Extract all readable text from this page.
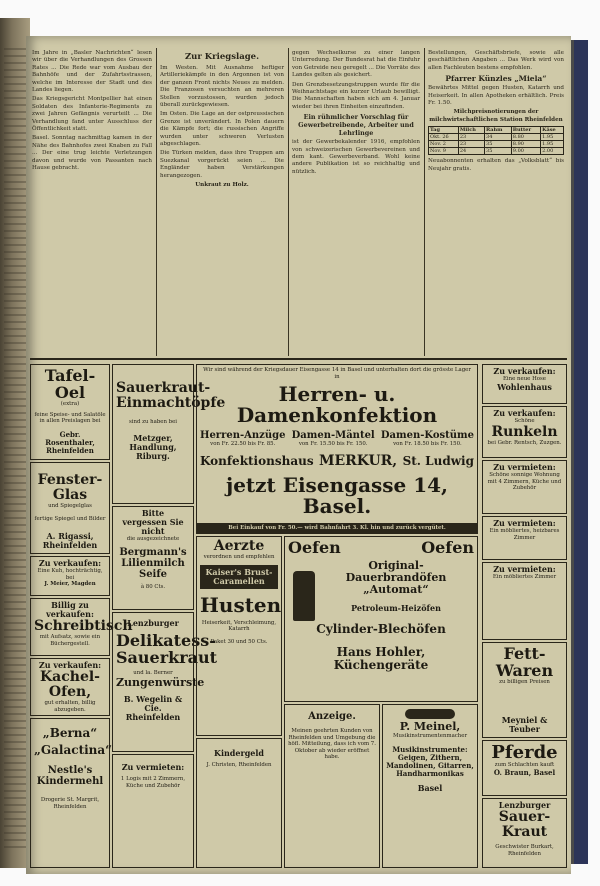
Im Jahre in „Basler Nachrichten“ lesen wir über die Verhandlungen des Grossen Rates ... Die Rede war vom Ausbau der Bahnhöfe und der Zufahrtsstrassen, welche im Interesse der Stadt und des Landes liegen.

Das Kriegsgericht Montpellier hat einen Soldaten des Infanterie-Regiments zu zwei Jahren Gefängnis verurteilt ... Die Verhandlung fand unter Ausschluss der Öffentlichkeit statt.

Basel. Sonntag nachmittag kamen in der Nähe des Bahnhofes zwei Knaben zu Fall ... Der eine trug leichte Verletzungen davon und wurde von Passanten nach Hause gebracht.

Zur Kriegslage.

Im Westen. Mit Ausnahme heftiger Artilleriekämpfe in den Argonnen ist von der ganzen Front nichts Neues zu melden. Die Franzosen versuchten an mehreren Stellen vorzustossen, wurden jedoch überall zurückgewiesen.

Im Osten. Die Lage an der ostpreussischen Grenze ist unverändert. In Polen dauern die Kämpfe fort; die russischen Angriffe wurden unter schweren Verlusten abgeschlagen.

Die Türken melden, dass ihre Truppen am Suezkanal vorgerückt seien ... Die Engländer haben Verstärkungen herangezogen.

Unkraut zu Holz.

gegen Wechselkurse zu einer langen Unterredung. Der Bundesrat hat die Einfuhr von Getreide neu geregelt ... Die Vorräte des Landes gelten als gesichert.

Den Grenzbesetzungstruppen wurde für die Weihnachtstage ein kurzer Urlaub bewilligt. Die Mannschaften haben sich am 4. Januar wieder bei ihren Einheiten einzufinden.

Ein rühmlicher Vorschlag für Gewerbetreibende, Arbeiter und Lehrlinge

ist der Gewerbekalender 1916, empfohlen von schweizerischen Gewerbevereinen und dem kant. Gewerbeverband. Wohl keine andere Publikation ist so reichhaltig und nützlich.

Bestellungen, Geschäftsbriefe, sowie alle geschäftlichen Angaben ... Das Werk wird von allen Fachleuten bestens empfohlen.

Pfarrer Künzles „Miela“

Bewährtes Mittel gegen Husten, Katarrh und Heiserkeit. In allen Apotheken erhältlich. Preis Fr. 1.50.

Milchpreisnotierungen der milchwirtschaftlichen Station Rheinfelden

Tag	Milch	Rahm	Butter	Käse
Okt. 26	23	34	8.80	1.95
Nov. 2	23	35	8.90	1.95
Nov. 9	24	35	9.00	2.00

Neuabonnenten erhalten das „Volksblatt“ bis Neujahr gratis.

Tafel-Oel
(extra)
feine Speise- und Salatöle in allen Preislagen bei
Gebr. Rosenthaler, Rheinfelden
Fenster-Glas
und Spiegelglas
fertige Spiegel und Bilder
A. Rigassi, Rheinfelden
Zu verkaufen:
Eine Kuh, hochträchtig, bei
J. Meier, Magden
Billig zu verkaufen:
Schreibtisch
mit Aufsatz, sowie ein Büchergestell.
Zu verkaufen:
Kachel-Ofen,
gut erhalten, billig abzugeben.
„Berna“
„Galactina“
Nestle's Kindermehl
Drogerie St. Margrit, Rheinfelden
Sauerkraut-Einmachtöpfe
sind zu haben bei
Metzger, Handlung, Riburg.
Bitte
vergessen Sie nicht
die ausgezeichnete
Bergmann's Lilienmilch Seife
à 80 Cts.
Lenzburger
Delikatess-Sauerkraut
und la. Berner
Zungenwürste
B. Wegelin & Cie. Rheinfelden
Zu vermieten:
1 Logis mit 2 Zimmern, Küche und Zubehör
Wir sind während der Kriegsdauer Eisengasse 14 in Basel und unterhalten dort die grösste Lager in
Herren- u. Damenkonfektion
Herren-Anzüge
von Fr. 22.50 bis Fr. 85.
Damen-Mäntel
von Fr. 15.50 bis Fr. 150.
Damen-Kostüme
von Fr. 18.50 bis Fr. 150.
Konfektionshaus MERKUR, St. Ludwig
jetzt Eisengasse 14, Basel.
Bei Einkauf von Fr. 50.— wird Bahnfahrt 3. Kl. hin und zurück vergütet.
Aerzte
verordnen und empfehlen
Kaiser's Brust-Caramellen
Husten
Heiserkeit, Verschleimung, Katarrh
Paket 30 und 50 Cts.
Kindergeld
J. Christen, Rheinfelden
Oefen	Oefen
Original-Dauerbrandöfen „Automat“
Petroleum-Heizöfen
Cylinder-Blechöfen
Hans Hohler, Küchengeräte
Anzeige.
Meinen geehrten Kunden von Rheinfelden und Umgebung die höfl. Mitteilung, dass ich vom 7. Oktober ab wieder eröffnet habe.
P. Meinel,
Musikinstrumentenmacher
Musikinstrumente: Geigen, Zithern, Mandolinen, Gitarren, Handharmonikas
Basel
Zu verkaufen:
Eine neue Hose
Wohlenhaus
Zu verkaufen:
Schöne
Runkeln
bei Gebr. Rentsch, Zuzgen.
Zu vermieten:
Schöne sonnige Wohnung mit 4 Zimmern, Küche und Zubehör
Zu vermieten:
Ein möbliertes, heizbares Zimmer
Zu vermieten:
Ein möbliertes Zimmer
Fett-Waren
zu billigen Preisen
Meyniel & Teuber
Pferde
zum Schlachten kauft
O. Braun, Basel
Lenzburger
Sauer-Kraut
Geschwister Burkart, Rheinfelden
